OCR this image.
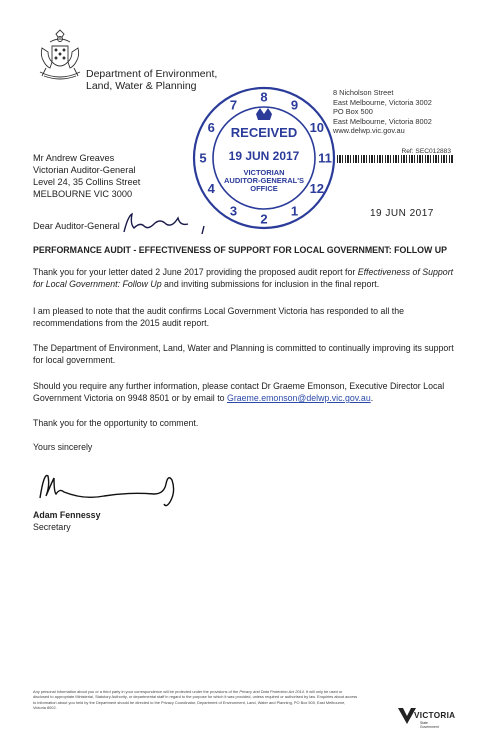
Department of Environment,
Land, Water & Planning
8 Nicholson Street
East Melbourne, Victoria 3002
PO Box 500
East Melbourne, Victoria 8002
www.delwp.vic.gov.au
Ref: SEC012883
8
9
10
11
12
1
2
3
4
5
6
7
RECEIVED
19 JUN 2017
VICTORIAN
AUDITOR-GENERAL'S
OFFICE
Mr Andrew Greaves
Victorian Auditor-General
Level 24, 35 Collins Street
MELBOURNE VIC 3000
19 JUN 2017
Dear Auditor-General
PERFORMANCE AUDIT - EFFECTIVENESS OF SUPPORT FOR LOCAL GOVERNMENT: FOLLOW UP
Thank you for your letter dated 2 June 2017 providing the proposed audit report for Effectiveness of Support for Local Government: Follow Up and inviting submissions for inclusion in the final report.
I am pleased to note that the audit confirms Local Government Victoria has responded to all the recommendations from the 2015 audit report.
The Department of Environment, Land, Water and Planning is committed to continually improving its support for local government.
Should you require any further information, please contact Dr Graeme Emonson, Executive Director Local Government Victoria on 9948 8501 or by email to Graeme.emonson@delwp.vic.gov.au.
Thank you for the opportunity to comment.
Yours sincerely
Adam Fennessy
Secretary
Any personal information about you or a third party in your correspondence will be protected under the provisions of the Privacy and Data Protection Act 2014. It will only be used or disclosed to appropriate Ministerial, Statutory Authority, or departmental staff in regard to the purpose for which it was provided, unless required or authorised by law. Enquiries about access to information about you held by the Department should be directed to the Privacy Coordinator, Department of Environment, Land, Water and Planning, PO Box 500, East Melbourne, Victoria 8002.
VICTORIA
State
Government
